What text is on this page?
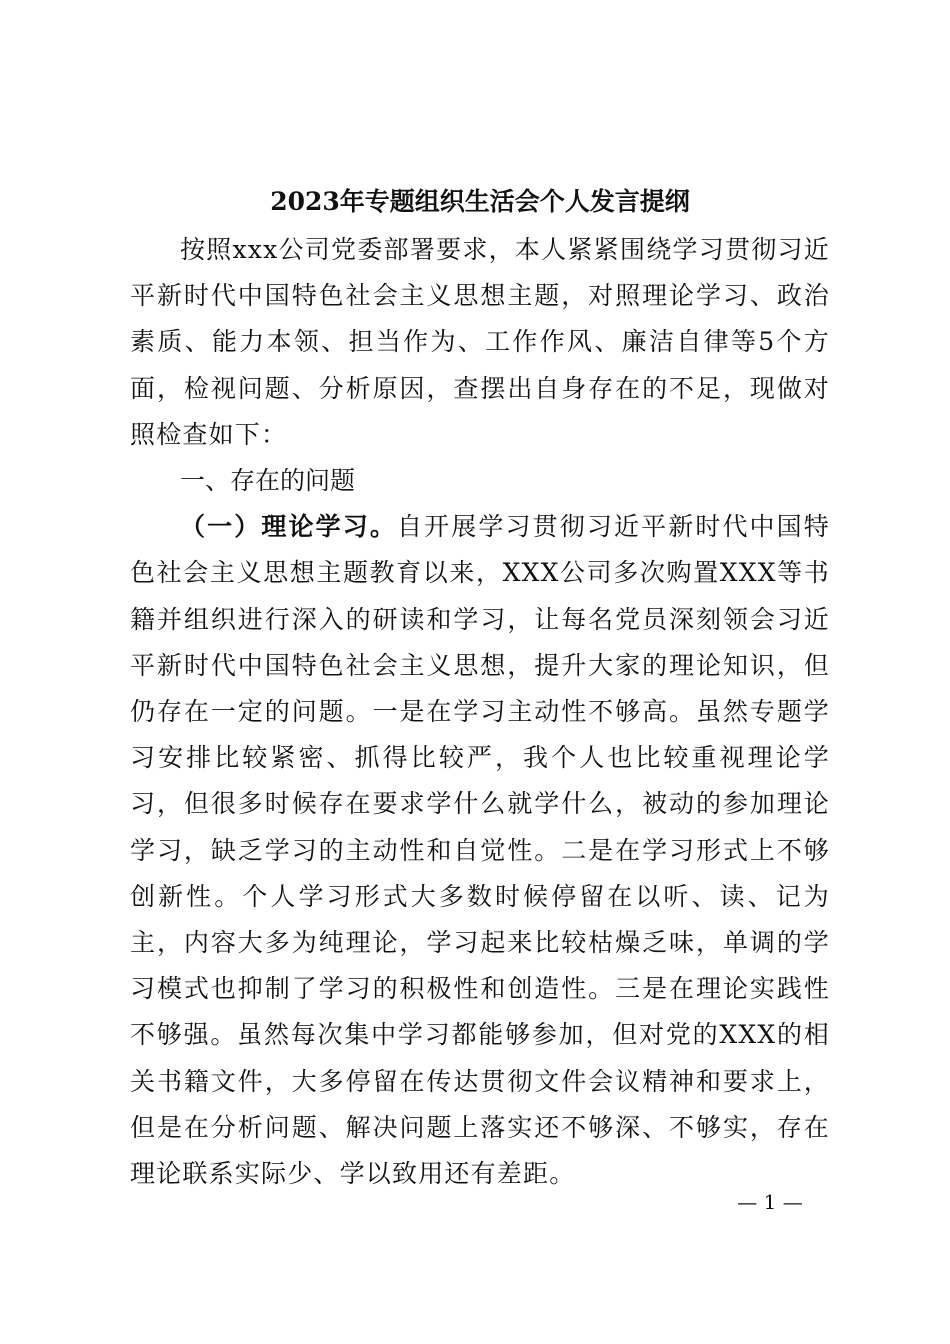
2023年专题组织生活会个人发言提纲

按照xxx公司党委部署要求，本人紧紧围绕学习贯彻习近平新时代中国特色社会主义思想主题，对照理论学习、政治素质、能力本领、担当作为、工作作风、廉洁自律等5个方面，检视问题、分析原因，查摆出自身存在的不足，现做对照检查如下：

一、存在的问题

（一）理论学习。自开展学习贯彻习近平新时代中国特色社会主义思想主题教育以来，XXX公司多次购置XXX等书籍并组织进行深入的研读和学习，让每名党员深刻领会习近平新时代中国特色社会主义思想，提升大家的理论知识，但仍存在一定的问题。一是在学习主动性不够高。虽然专题学习安排比较紧密、抓得比较严，我个人也比较重视理论学习，但很多时候存在要求学什么就学什么，被动的参加理论学习，缺乏学习的主动性和自觉性。二是在学习形式上不够创新性。个人学习形式大多数时候停留在以听、读、记为主，内容大多为纯理论，学习起来比较枯燥乏味，单调的学习模式也抑制了学习的积极性和创造性。三是在理论实践性不够强。虽然每次集中学习都能够参加，但对党的XXX的相关书籍文件，大多停留在传达贯彻文件会议精神和要求上，但是在分析问题、解决问题上落实还不够深、不够实，存在理论联系实际少、学以致用还有差距。

— 1 —
